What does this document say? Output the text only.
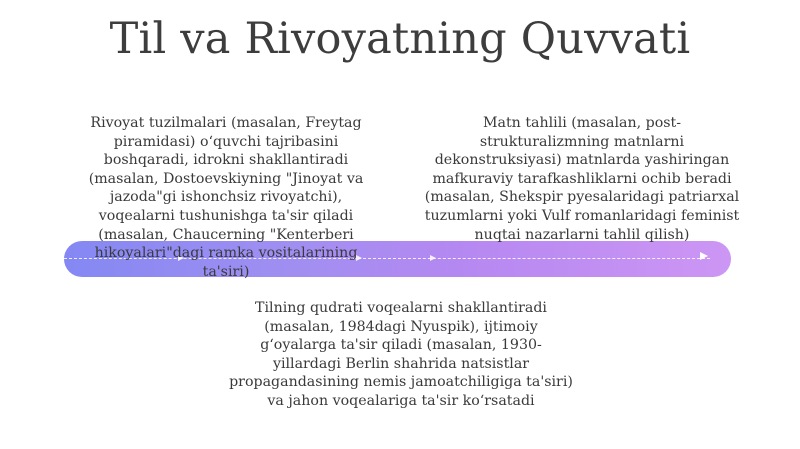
Til va Rivoyatning Quvvati
Rivoyat tuzilmalari (masalan, Freytag piramidasi) o‘quvchi tajribasini boshqaradi, idrokni shakllantiradi (masalan, Dostoevskiyning "Jinoyat va jazoda"gi ishonchsiz rivoyatchi), voqealarni tushunishga ta'sir qiladi (masalan, Chaucerning "Kenterberi hikoyalari"dagi ramka vositalarining ta'siri)
Matn tahlili (masalan, post-strukturalizmning matnlarni dekonstruksiyasi) matnlarda yashiringan mafkuraviy tarafkashliklarni ochib beradi (masalan, Shekspir pyesalaridagi patriarxal tuzumlarni yoki Vulf romanlaridagi feminist nuqtai nazarlarni tahlil qilish)
Tilning qudrati voqealarni shakllantiradi (masalan, 1984dagi Nyuspik), ijtimoiy g‘oyalarga ta'sir qiladi (masalan, 1930-yillardagi Berlin shahrida natsistlar propagandasining nemis jamoatchiligiga ta'siri) va jahon voqealariga ta'sir ko‘rsatadi
